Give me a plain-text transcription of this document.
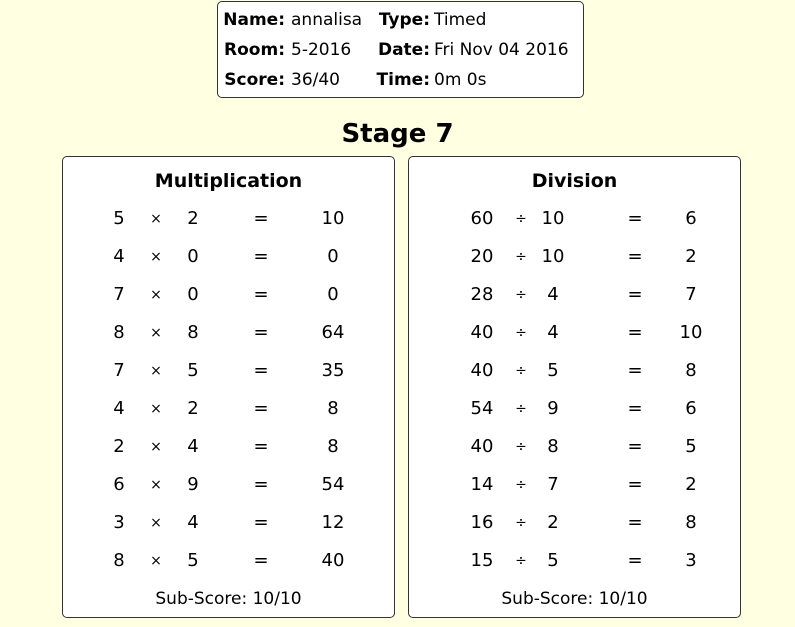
Name: annalisa Type: Timed
Room: 5-2016 Date: Fri Nov 04 2016
Score: 36/40 Time: 0m 0s
Stage 7
Multiplication
5	×	2	=	10
4	×	0	=	0
7	×	0	=	0
8	×	8	=	64
7	×	5	=	35
4	×	2	=	8
2	×	4	=	8
6	×	9	=	54
3	×	4	=	12
8	×	5	=	40
Sub-Score: 10/10
Division
60	÷ 10	=	6
20	÷ 10	=	2
28	÷	4	=	7
40	÷	4	=	10
40	÷	5	=	8
54	÷	9	=	6
40	÷	8	=	5
14	÷	7	=	2
16	÷	2	=	8
15	÷	5	=	3
Sub-Score: 10/10
